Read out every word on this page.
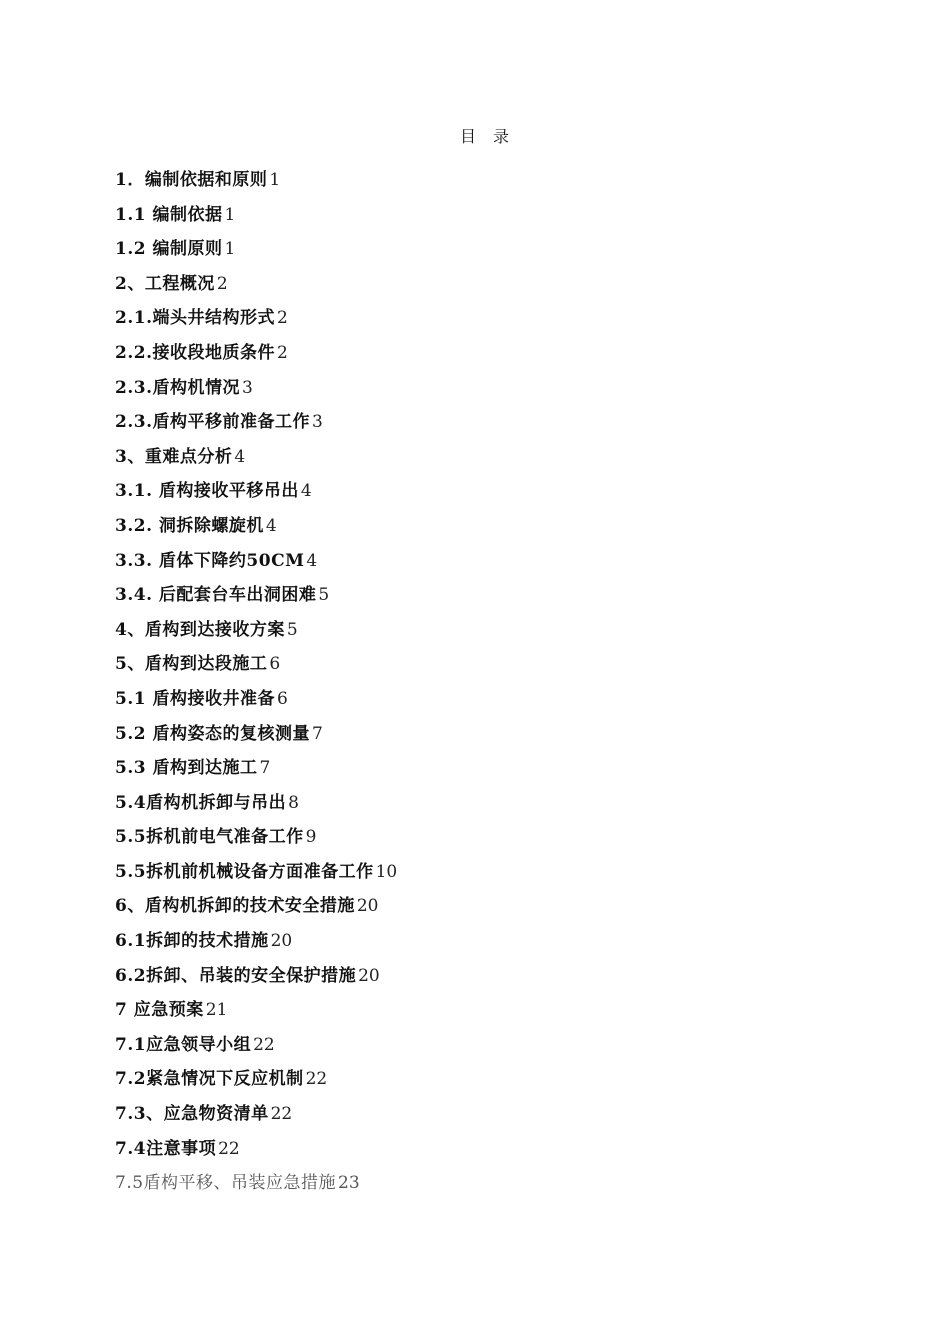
目 录
1．编制依据和原则 1
1.1 编制依据 1
1.2 编制原则 1
2、工程概况 2
2.1.端头井结构形式 2
2.2.接收段地质条件 2
2.3.盾构机情况 3
2.3.盾构平移前准备工作 3
3、重难点分析 4
3.1. 盾构接收平移吊出 4
3.2. 洞拆除螺旋机 4
3.3. 盾体下降约50CM 4
3.4. 后配套台车出洞困难 5
4、盾构到达接收方案 5
5、盾构到达段施工 6
5.1 盾构接收井准备 6
5.2 盾构姿态的复核测量 7
5.3 盾构到达施工 7
5.4盾构机拆卸与吊出 8
5.5拆机前电气准备工作 9
5.5拆机前机械设备方面准备工作 10
6、盾构机拆卸的技术安全措施 20
6.1拆卸的技术措施 20
6.2拆卸、吊装的安全保护措施 20
7 应急预案 21
7.1应急领导小组 22
7.2紧急情况下反应机制 22
7.3、应急物资清单 22
7.4注意事项 22
7.5盾构平移、吊装应急措施 23
